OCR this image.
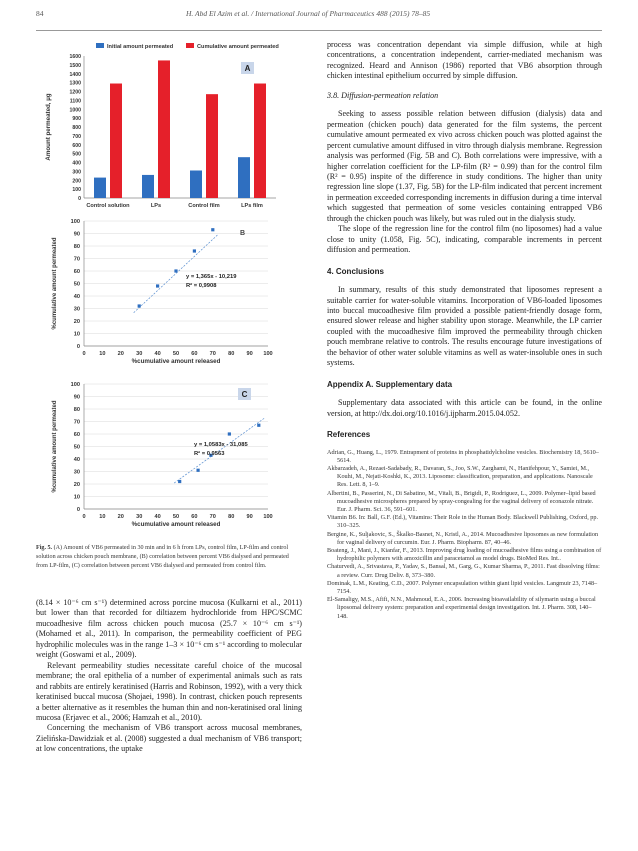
84	H. Abd El Azim et al. / International Journal of Pharmaceutics 488 (2015) 78–85
0
100
200
300
400
500
600
700
800
900
1000
1100
1200
1300
1400
1500
1600
Amount permeated, µg
Control solution	LPs	Control film	LPs film
Initial amount permeated	Cumulative amount permeated
A
0
10
20
30
40
50
60
70
80
90
100
0 10 20 30 40 50 60 70 80 90 100
%cumulative amount released
%cumulative amount permeated	y = 1,365x - 10,219
R² = 0,9908
B
0
10
20
30
40
50
60
70
80
90
100
0 10 20 30 40 50 60 70 80 90 100
%cumulative amount released
%cumulative amount permeated	y = 1,0583x - 31,085
R² = 0,9563
C
Fig. 5. (A) Amount of VB6 permeated in 30 min and in 6 h from LPs, control film, LP-film and control solution across chicken pouch membrane, (B) correlation between percent VB6 dialysed and permeated from LP-film, (C) correlation between percent VB6 dialysed and permeated from control film.

(8.14 × 10⁻⁶ cm s⁻¹) determined across porcine mucosa (Kulkarni et al., 2011) but lower than that recorded for diltiazem hydrochloride from HPC/SCMC mucoadhesive film across chicken pouch mucosa (25.7 × 10⁻⁶ cm s⁻¹) (Mohamed et al., 2011). In comparison, the permeability coefficient of PEG hydrophilic molecules was in the range 1–3 × 10⁻⁶ cm s⁻¹ according to molecular weight (Goswami et al., 2009).

Relevant permeability studies necessitate careful choice of the mucosal membrane; the oral epithelia of a number of experimental animals such as rats and rabbits are entirely keratinised (Harris and Robinson, 1992), with a very thick keratinised buccal mucosa (Shojaei, 1998). In contrast, chicken pouch represents a better alternative as it resembles the human thin and non-keratinised oral lining mucosa (Erjavec et al., 2006; Hamzah et al., 2010).

Concerning the mechanism of VB6 transport across mucosal membranes, Zielińska-Dawidziak et al. (2008) suggested a dual mechanism of VB6 transport; at low concentrations, the uptake

process was concentration dependant via simple diffusion, while at high concentrations, a concentration independent, carrier-mediated mechanism was recognized. Heard and Annison (1986) reported that VB6 absorption through chicken intestinal epithelium occurred by simple diffusion.

3.8. Diffusion-permeation relation

Seeking to assess possible relation between diffusion (dialysis) data and permeation (chicken pouch) data generated for the film systems, the percent cumulative amount permeated ex vivo across chicken pouch was plotted against the percent cumulative amount diffused in vitro through dialysis membrane. Regression analysis was performed (Fig. 5B and C). Both correlations were impressive, with a higher correlation coefficient for the LP-film (R² = 0.99) than for the control film (R² = 0.95) inspite of the difference in study conditions. The higher than unity regression line slope (1.37, Fig. 5B) for the LP-film indicated that percent increment in permeation exceeded corresponding increments in diffusion during a time interval which suggested that permeation of some vesicles containing entrapped VB6 through the chicken pouch was likely, but was ruled out in the dialysis study.

The slope of the regression line for the control film (no liposomes) had a value close to unity (1.058, Fig. 5C), indicating, comparable increments in percent diffusion and permeation.

4. Conclusions

In summary, results of this study demonstrated that liposomes represent a suitable carrier for water-soluble vitamins. Incorporation of VB6-loaded liposomes into buccal mucoadhesive film provided a possible patient-friendly dosage form, ensured slower release and higher stability upon storage. Meanwhile, the LP carrier coupled with the mucoadhesive film improved the permeability through chicken pouch membrane relative to controls. The results encourage future investigations of the behavior of other water soluble vitamins as well as water-insoluble ones in such systems.

Appendix A. Supplementary data

Supplementary data associated with this article can be found, in the online version, at http://dx.doi.org/10.1016/j.ijpharm.2015.04.052.

References

Adrian, G., Huang, L., 1979. Entrapment of proteins in phosphatidylcholine vesicles. Biochemistry 18, 5610–5614.

Akbarzadeh, A., Rezaei-Sadabady, R., Davaran, S., Joo, S.W., Zarghami, N., Hanifehpour, Y., Samiei, M., Kouhi, M., Nejati-Koshki, K., 2013. Liposome: classification, preparation, and applications. Nanoscale Res. Lett. 8, 1–9.

Albertini, B., Passerini, N., Di Sabatino, M., Vitali, B., Brigidi, P., Rodriguez, L., 2009. Polymer–lipid based mucoadhesive microspheres prepared by spray-congealing for the vaginal delivery of econazole nitrate. Eur. J. Pharm. Sci. 36, 591–601.

Vitamin B6. In: Ball, G.F. (Ed.), Vitamins: Their Role in the Human Body. Blackwell Publishing, Oxford, pp. 310–325.

Bergine, K., Suljakovic, S., Škalko-Basnet, N., Kristl, A., 2014. Mucoadhesive liposomes as new formulation for vaginal delivery of curcumin. Eur. J. Pharm. Biopharm. 87, 40–46.

Boateng, J., Mani, J., Kianfar, F., 2013. Improving drug loading of mucoadhesive films using a combination of hydrophilic polymers with amoxicillin and paracetamol as model drugs. BioMed Res. Int..

Chaturvedi, A., Srivastava, P., Yadav, S., Bansal, M., Garg, G., Kumar Sharma, P., 2011. Fast dissolving films: a review. Curr. Drug Deliv. 8, 373–380.

Dominak, L.M., Keating, C.D., 2007. Polymer encapsulation within giant lipid vesicles. Langmuir 23, 7148–7154.

El-Samaligy, M.S., Afifi, N.N., Mahmoud, E.A., 2006. Increasing bioavailability of silymarin using a buccal liposomal delivery system: preparation and experimental design investigation. Int. J. Pharm. 308, 140–148.
